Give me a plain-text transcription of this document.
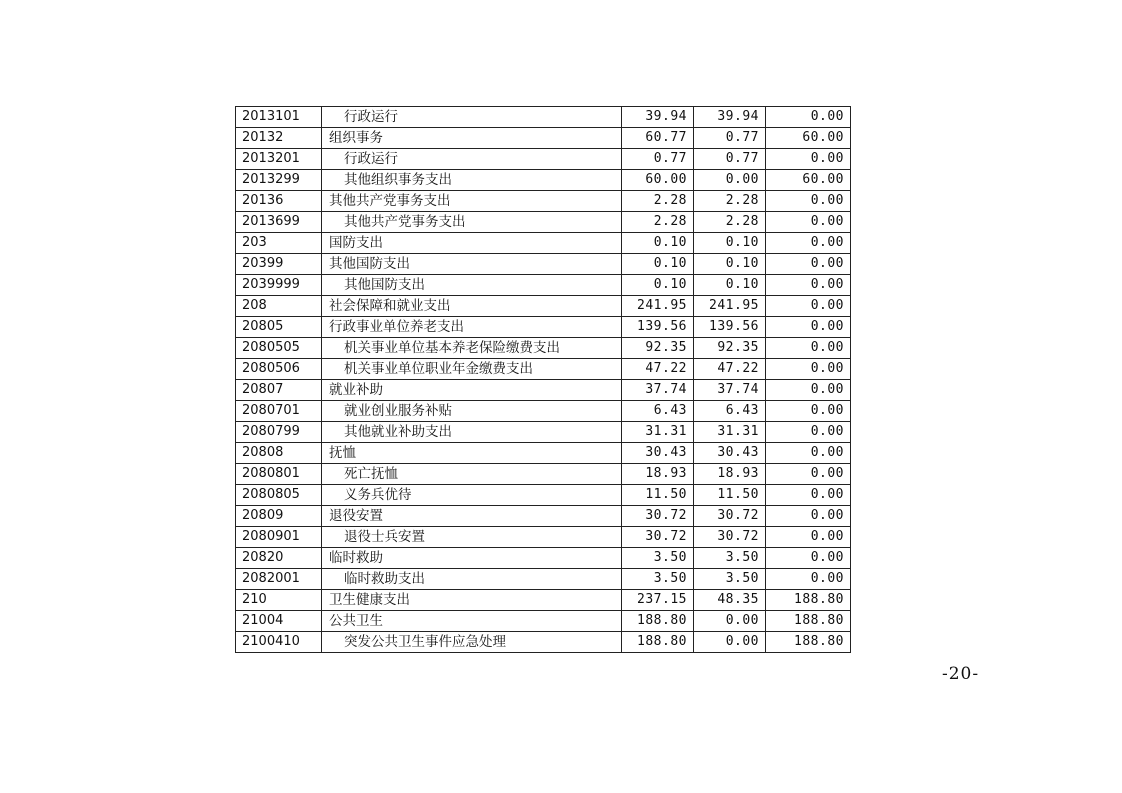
2013101	行政运行	39.94	39.94	0.00
20132	组织事务	60.77	0.77	60.00
2013201	行政运行	0.77	0.77	0.00
2013299	其他组织事务支出	60.00	0.00	60.00
20136	其他共产党事务支出	2.28	2.28	0.00
2013699	其他共产党事务支出	2.28	2.28	0.00
203	国防支出	0.10	0.10	0.00
20399	其他国防支出	0.10	0.10	0.00
2039999	其他国防支出	0.10	0.10	0.00
208	社会保障和就业支出	241.95	241.95	0.00
20805	行政事业单位养老支出	139.56	139.56	0.00
2080505	机关事业单位基本养老保险缴费支出	92.35	92.35	0.00
2080506	机关事业单位职业年金缴费支出	47.22	47.22	0.00
20807	就业补助	37.74	37.74	0.00
2080701	就业创业服务补贴	6.43	6.43	0.00
2080799	其他就业补助支出	31.31	31.31	0.00
20808	抚恤	30.43	30.43	0.00
2080801	死亡抚恤	18.93	18.93	0.00
2080805	义务兵优待	11.50	11.50	0.00
20809	退役安置	30.72	30.72	0.00
2080901	退役士兵安置	30.72	30.72	0.00
20820	临时救助	3.50	3.50	0.00
2082001	临时救助支出	3.50	3.50	0.00
210	卫生健康支出	237.15	48.35	188.80
21004	公共卫生	188.80	0.00	188.80
2100410	突发公共卫生事件应急处理	188.80	0.00	188.80
-20-
